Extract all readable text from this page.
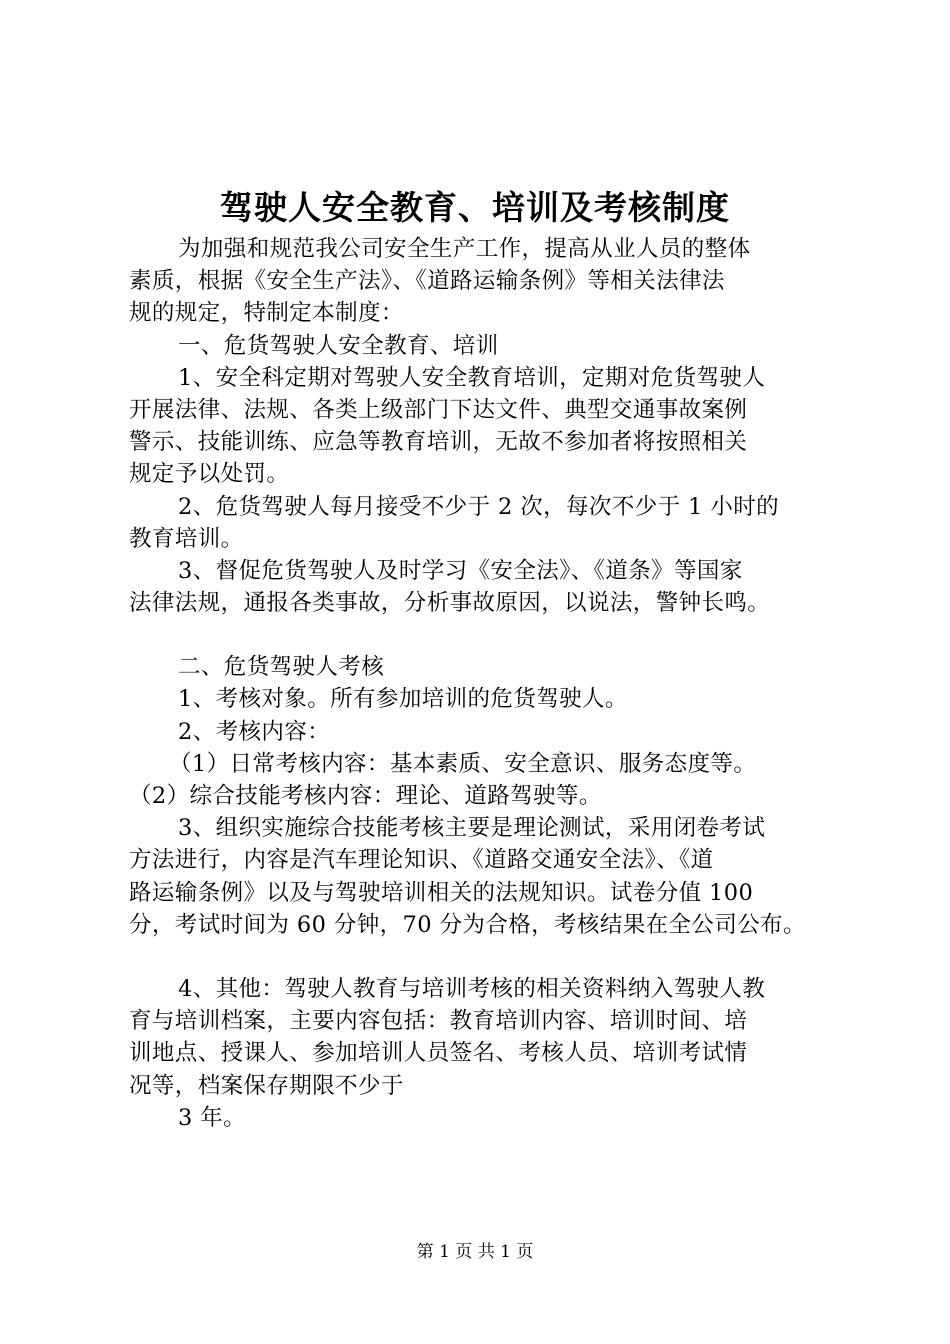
驾驶人安全教育、培训及考核制度
为加强和规范我公司安全生产工作，提高从业人员的整体
素质，根据《安全生产法》、《道路运输条例》等相关法律法
规的规定，特制定本制度：
一、危货驾驶人安全教育、培训
1、安全科定期对驾驶人安全教育培训，定期对危货驾驶人
开展法律、法规、各类上级部门下达文件、典型交通事故案例
警示、技能训练、应急等教育培训，无故不参加者将按照相关
规定予以处罚。
2、危货驾驶人每月接受不少于 2 次，每次不少于 1 小时的
教育培训。
3、督促危货驾驶人及时学习《安全法》、《道条》等国家
法律法规，通报各类事故，分析事故原因，以说法，警钟长鸣。
二、危货驾驶人考核
1、考核对象。所有参加培训的危货驾驶人。
2、考核内容：
（1）日常考核内容：基本素质、安全意识、服务态度等。
（2）综合技能考核内容：理论、道路驾驶等。
3、组织实施综合技能考核主要是理论测试，采用闭卷考试
方法进行，内容是汽车理论知识、《道路交通安全法》、《道
路运输条例》以及与驾驶培训相关的法规知识。试卷分值 100
分，考试时间为 60 分钟，70 分为合格，考核结果在全公司公布。
4、其他：驾驶人教育与培训考核的相关资料纳入驾驶人教
育与培训档案，主要内容包括：教育培训内容、培训时间、培
训地点、授课人、参加培训人员签名、考核人员、培训考试情
况等，档案保存期限不少于
3 年。
第 1 页 共 1 页
